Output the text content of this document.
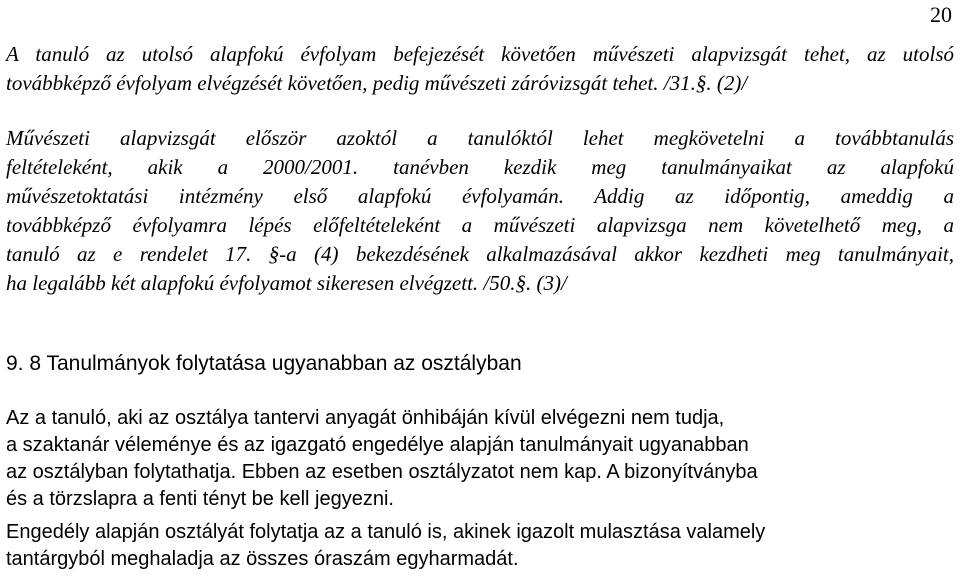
20
A tanuló az utolsó alapfokú évfolyam befejezését követően művészeti alapvizsgát tehet, az utolsó
továbbképző évfolyam elvégzését követően, pedig művészeti záróvizsgát tehet. /31.§. (2)/
Művészeti alapvizsgát először azoktól a tanulóktól lehet megkövetelni a továbbtanulás
feltételeként, akik a 2000/2001. tanévben kezdik meg tanulmányaikat az alapfokú
művészetoktatási intézmény első alapfokú évfolyamán. Addig az időpontig, ameddig a
továbbképző évfolyamra lépés előfeltételeként a művészeti alapvizsga nem követelhető meg, a
tanuló az e rendelet 17. §-a (4) bekezdésének alkalmazásával akkor kezdheti meg tanulmányait,
ha legalább két alapfokú évfolyamot sikeresen elvégzett. /50.§. (3)/
9. 8 Tanulmányok folytatása ugyanabban az osztályban
Az a tanuló, aki az osztálya tantervi anyagát önhibáján kívül elvégezni nem tudja,
a szaktanár véleménye és az igazgató engedélye alapján tanulmányait ugyanabban
az osztályban folytathatja. Ebben az esetben osztályzatot nem kap. A bizonyítványba
és a törzslapra a fenti tényt be kell jegyezni.
Engedély alapján osztályát folytatja az a tanuló is, akinek igazolt mulasztása valamely
tantárgyból meghaladja az összes óraszám egyharmadát.
